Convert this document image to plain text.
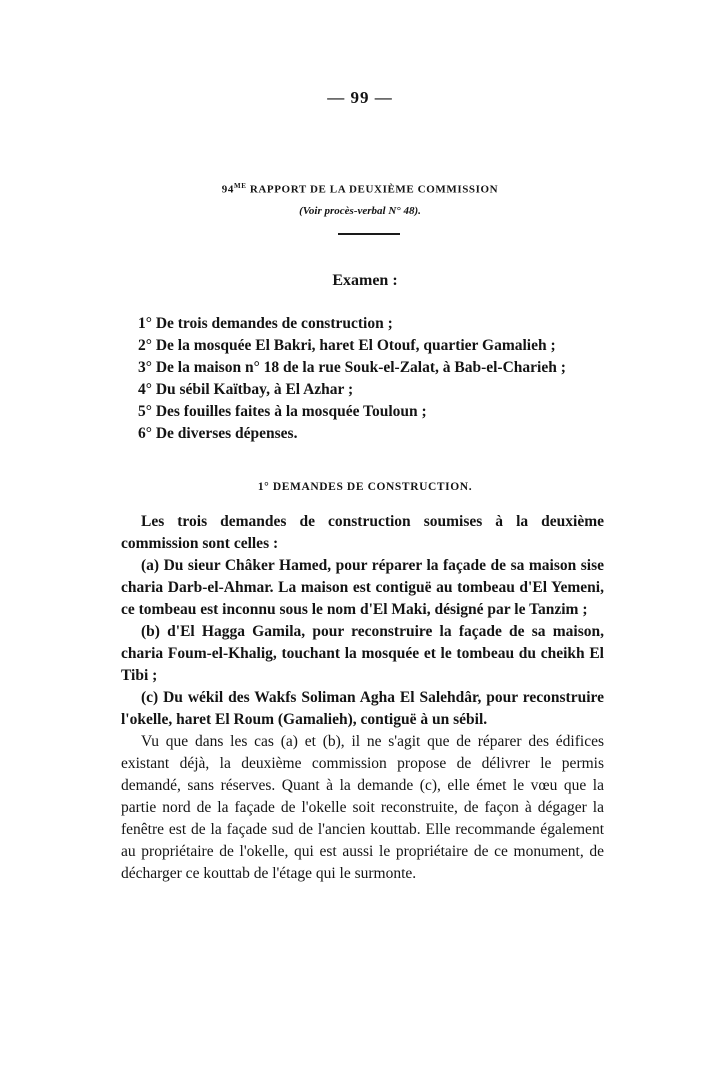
— 99 —
$94^{ME}$ RAPPORT DE LA DEUXIÈME COMMISSION
(Voir procès-verbal N° 48).
Examen :
1° De trois demandes de construction ;
2° De la mosquée El Bakri, haret El Otouf, quartier Gamalieh ;
3° De la maison n° 18 de la rue Souk-el-Zalat, à Bab-el-Charieh ;
4° Du sébil Kaïtbay, à El Azhar ;
5° Des fouilles faites à la mosquée Touloun ;
6° De diverses dépenses.
1° DEMANDES DE CONSTRUCTION.

Les trois demandes de construction soumises à la deuxième commission sont celles :

(a) Du sieur Châker Hamed, pour réparer la façade de sa maison sise charia Darb-el-Ahmar. La maison est contiguë au tombeau d'El Yemeni, ce tombeau est inconnu sous le nom d'El Maki, désigné par le Tanzim ;

(b) d'El Hagga Gamila, pour reconstruire la façade de sa maison, charia Foum-el-Khalig, touchant la mosquée et le tombeau du cheikh El Tibi ;

(c) Du wékil des Wakfs Soliman Agha El Salehdâr, pour reconstruire l'okelle, haret El Roum (Gamalieh), contiguë à un sébil.

Vu que dans les cas (a) et (b), il ne s'agit que de réparer des édifices existant déjà, la deuxième commission propose de délivrer le permis demandé, sans réserves. Quant à la demande (c), elle émet le vœu que la partie nord de la façade de l'okelle soit reconstruite, de façon à dégager la fenêtre est de la façade sud de l'ancien kouttab. Elle recommande également au propriétaire de l'okelle, qui est aussi le propriétaire de ce monument, de décharger ce kouttab de l'étage qui le surmonte.
